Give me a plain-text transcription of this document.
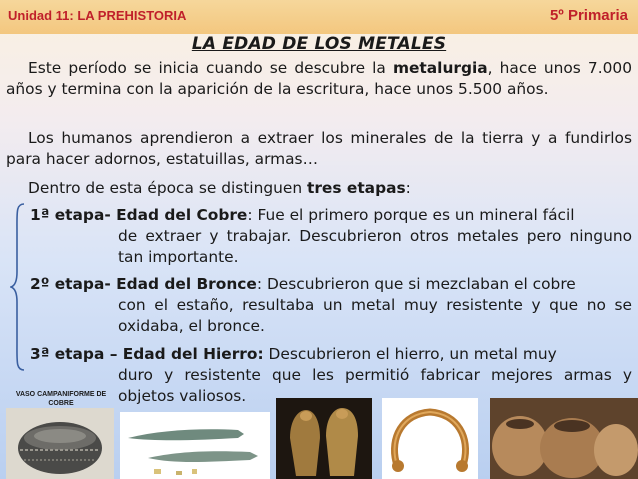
Unidad 11: LA PREHISTORIA	5º Primaria
LA EDAD DE LOS METALES
Este período se inicia cuando se descubre la metalurgia, hace unos 7.000 años y termina con la aparición de la escritura, hace unos 5.500 años.
Los humanos aprendieron a extraer los minerales de la tierra y a fundirlos para hacer adornos, estatuillas, armas…
Dentro de esta época se distinguen tres etapas:
1ª etapa- Edad del Cobre: Fue el primero porque es un mineral fácil
de extraer y trabajar. Descubrieron otros metales pero ninguno tan importante.
2º etapa- Edad del Bronce: Descubrieron que si mezclaban el cobre
con el estaño, resultaba un metal muy resistente y que no se oxidaba, el bronce.
3ª etapa – Edad del Hierro: Descubrieron el hierro, un metal muy
duro y resistente que les permitió fabricar mejores armas y objetos valiosos.
VASO CAMPANIFORME DE COBRE
